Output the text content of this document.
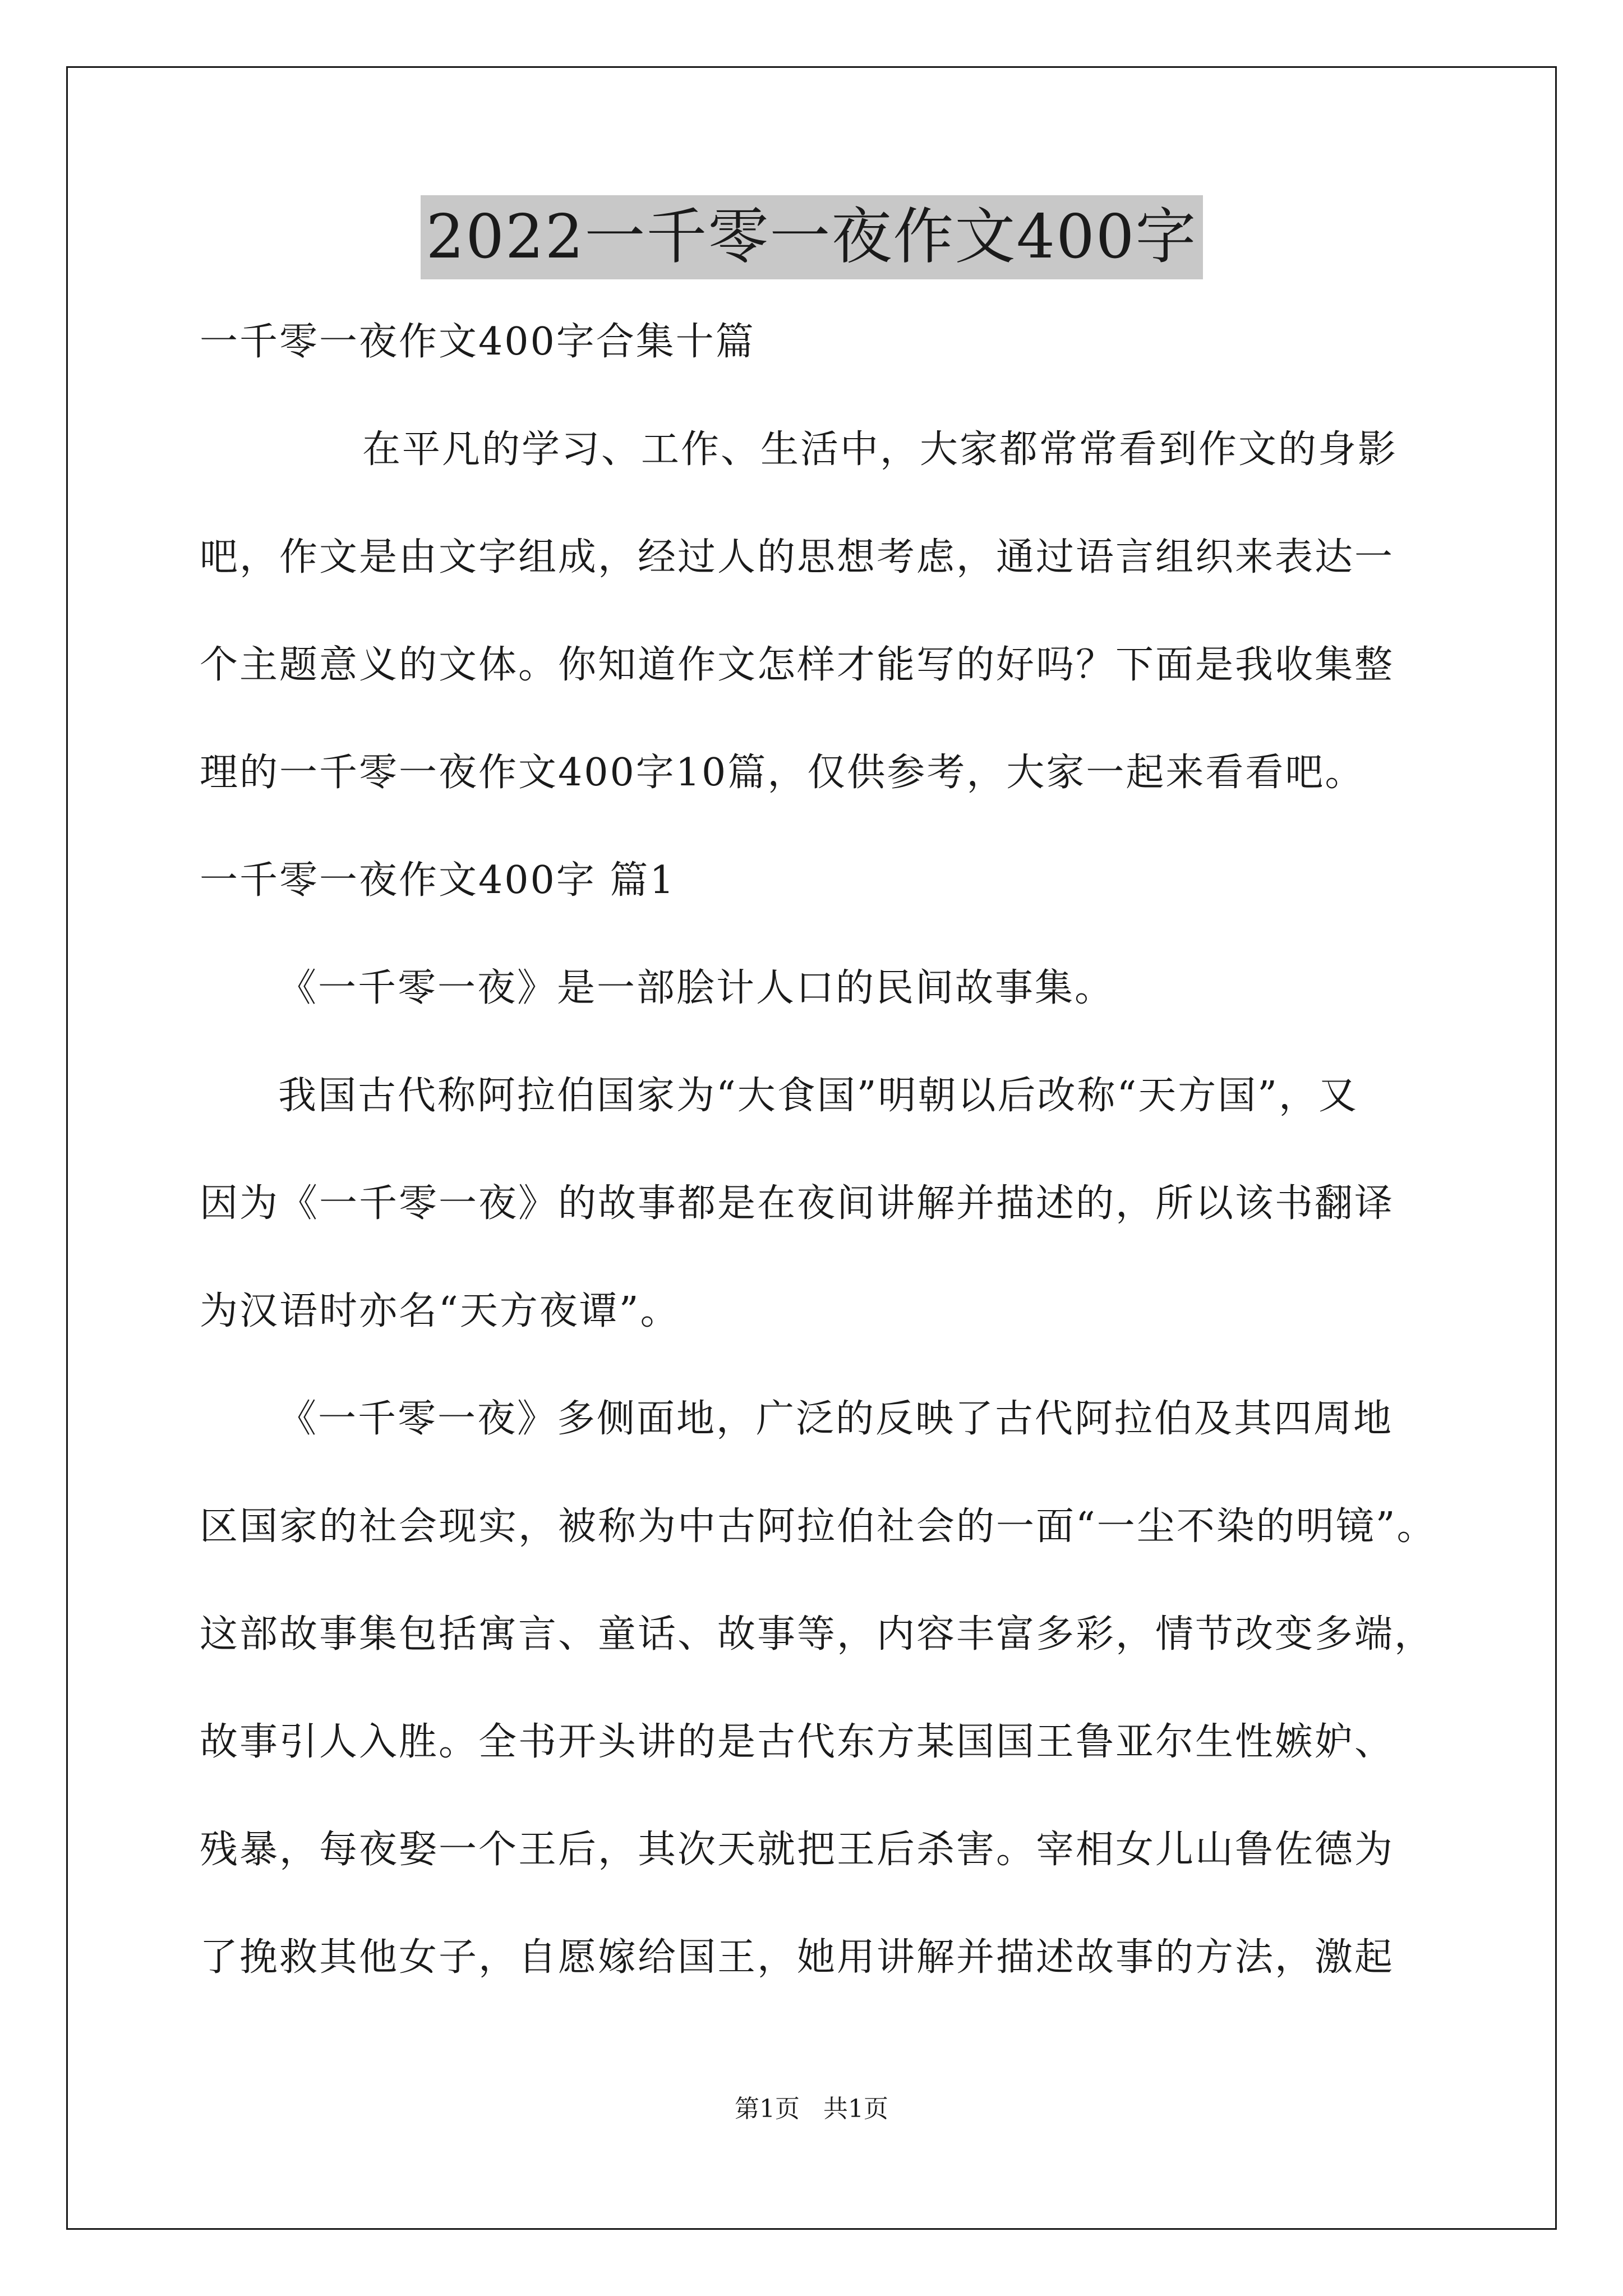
2022一千零一夜作文400字
一千零一夜作文400字合集十篇
在平凡的学习、工作、生活中，大家都常常看到作文的身影
吧，作文是由文字组成，经过人的思想考虑，通过语言组织来表达一
个主题意义的文体。你知道作文怎样才能写的好吗？下面是我收集整
理的一千零一夜作文400字10篇，仅供参考，大家一起来看看吧。
一千零一夜作文400字 篇1
《一千零一夜》是一部脍计人口的民间故事集。
我国古代称阿拉伯国家为“大食国”明朝以后改称“天方国”，又
因为《一千零一夜》的故事都是在夜间讲解并描述的，所以该书翻译
为汉语时亦名“天方夜谭”。
《一千零一夜》多侧面地，广泛的反映了古代阿拉伯及其四周地
区国家的社会现实，被称为中古阿拉伯社会的一面“一尘不染的明镜”。
这部故事集包括寓言、童话、故事等，内容丰富多彩，情节改变多端，
故事引人入胜。全书开头讲的是古代东方某国国王鲁亚尔生性嫉妒、
残暴，每夜娶一个王后，其次天就把王后杀害。宰相女儿山鲁佐德为
了挽救其他女子，自愿嫁给国王，她用讲解并描述故事的方法，激起
第1页 共1页
